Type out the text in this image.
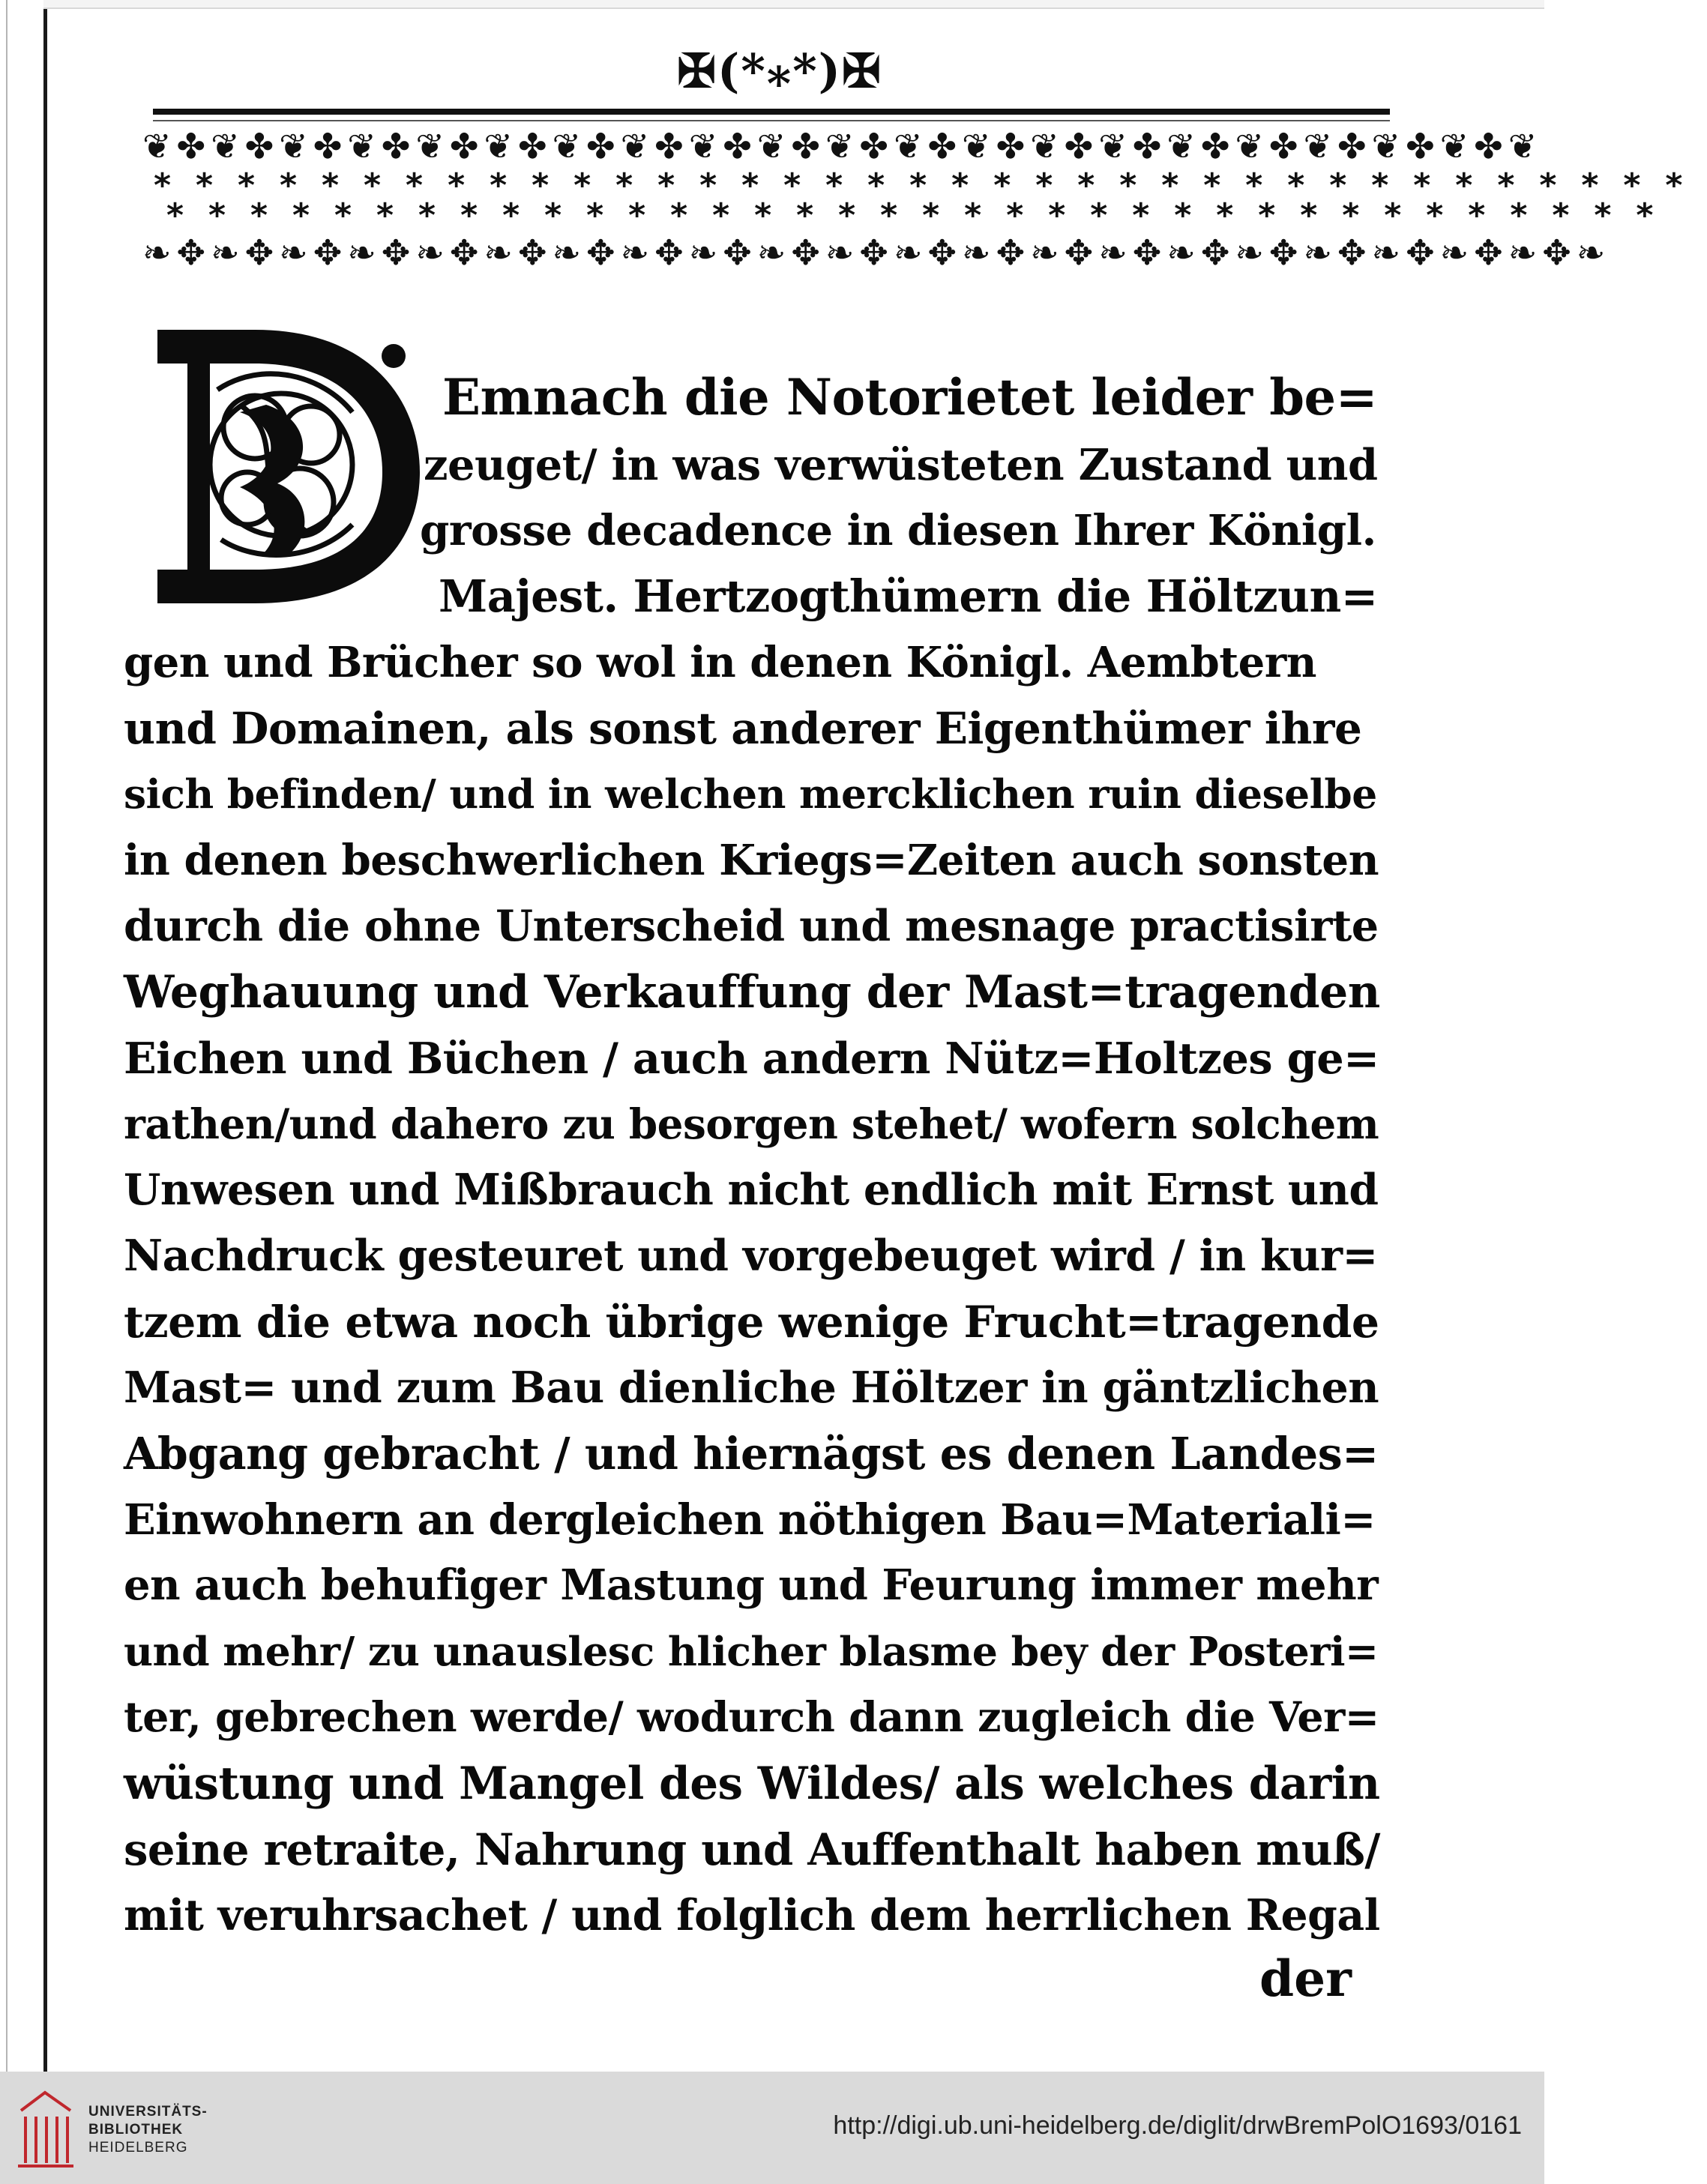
✠(*⁎*)✠
❦✤❦✤❦✤❦✤❦✤❦✤❦✤❦✤❦✤❦✤❦✤❦✤❦✤❦✤❦✤❦✤❦✤❦✤❦✤❦✤❦
*************************************
************************************
❧✥❧✥❧✥❧✥❧✥❧✥❧✥❧✥❧✥❧✥❧✥❧✥❧✥❧✥❧✥❧✥❧✥❧✥❧✥❧✥❧✥❧
Emnach die Notorietet leider be=
zeuget/ in was verwüsteten Zustand und
grosse decadence in diesen Ihrer Königl.
Majest. Hertzogthümern die Höltzun=
gen und Brücher so wol in denen Königl. Aembtern
und Domainen, als sonst anderer Eigenthümer ihre
sich befinden/ und in welchen mercklichen ruin dieselbe
in denen beschwerlichen Kriegs=Zeiten auch sonsten
durch die ohne Unterscheid und mesnage practisirte
Weghauung und Verkauffung der Mast=tragenden
Eichen und Büchen / auch andern Nütz=Holtzes ge=
rathen/und dahero zu besorgen stehet/ wofern solchem
Unwesen und Mißbrauch nicht endlich mit Ernst und
Nachdruck gesteuret und vorgebeuget wird / in kur=
tzem die etwa noch übrige wenige Frucht=tragende
Mast= und zum Bau dienliche Höltzer in gäntzlichen
Abgang gebracht / und hiernägst es denen Landes=
Einwohnern an dergleichen nöthigen Bau=Materiali=
en auch behufiger Mastung und Feurung immer mehr
und mehr/ zu unauslesc hlicher blasme bey der Posteri=
ter, gebrechen werde/ wodurch dann zugleich die Ver=
wüstung und Mangel des Wildes/ als welches darin
seine retraite, Nahrung und Auffenthalt haben muß/
mit veruhrsachet / und folglich dem herrlichen Regal
der
UNIVERSITÄTS-
BIBLIOTHEK
HEIDELBERG
http://digi.ub.uni-heidelberg.de/diglit/drwBremPolO1693/0161
